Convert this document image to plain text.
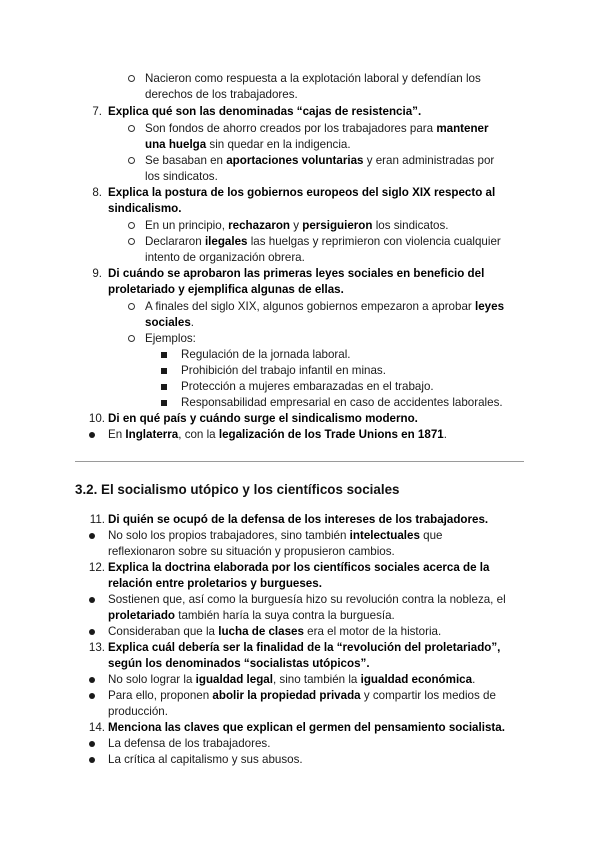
Nacieron como respuesta a la explotación laboral y defendían los
derechos de los trabajadores.
7. Explica qué son las denominadas “cajas de resistencia”.
Son fondos de ahorro creados por los trabajadores para mantener
una huelga sin quedar en la indigencia.
Se basaban en aportaciones voluntarias y eran administradas por
los sindicatos.
8. Explica la postura de los gobiernos europeos del siglo XIX respecto al
sindicalismo.
En un principio, rechazaron y persiguieron los sindicatos.
Declararon ilegales las huelgas y reprimieron con violencia cualquier
intento de organización obrera.
9. Di cuándo se aprobaron las primeras leyes sociales en beneficio del
proletariado y ejemplifica algunas de ellas.
A finales del siglo XIX, algunos gobiernos empezaron a aprobar leyes
sociales.
Ejemplos:
Regulación de la jornada laboral.
Prohibición del trabajo infantil en minas.
Protección a mujeres embarazadas en el trabajo.
Responsabilidad empresarial en caso de accidentes laborales.
10. Di en qué país y cuándo surge el sindicalismo moderno.
En Inglaterra, con la legalización de los Trade Unions en 1871.
3.2. El socialismo utópico y los científicos sociales
11. Di quién se ocupó de la defensa de los intereses de los trabajadores.
No solo los propios trabajadores, sino también intelectuales que
reflexionaron sobre su situación y propusieron cambios.
12. Explica la doctrina elaborada por los científicos sociales acerca de la
relación entre proletarios y burgueses.
Sostienen que, así como la burguesía hizo su revolución contra la nobleza, el
proletariado también haría la suya contra la burguesía.
Consideraban que la lucha de clases era el motor de la historia.
13. Explica cuál debería ser la finalidad de la “revolución del proletariado”,
según los denominados “socialistas utópicos”.
No solo lograr la igualdad legal, sino también la igualdad económica.
Para ello, proponen abolir la propiedad privada y compartir los medios de
producción.
14. Menciona las claves que explican el germen del pensamiento socialista.
La defensa de los trabajadores.
La crítica al capitalismo y sus abusos.
